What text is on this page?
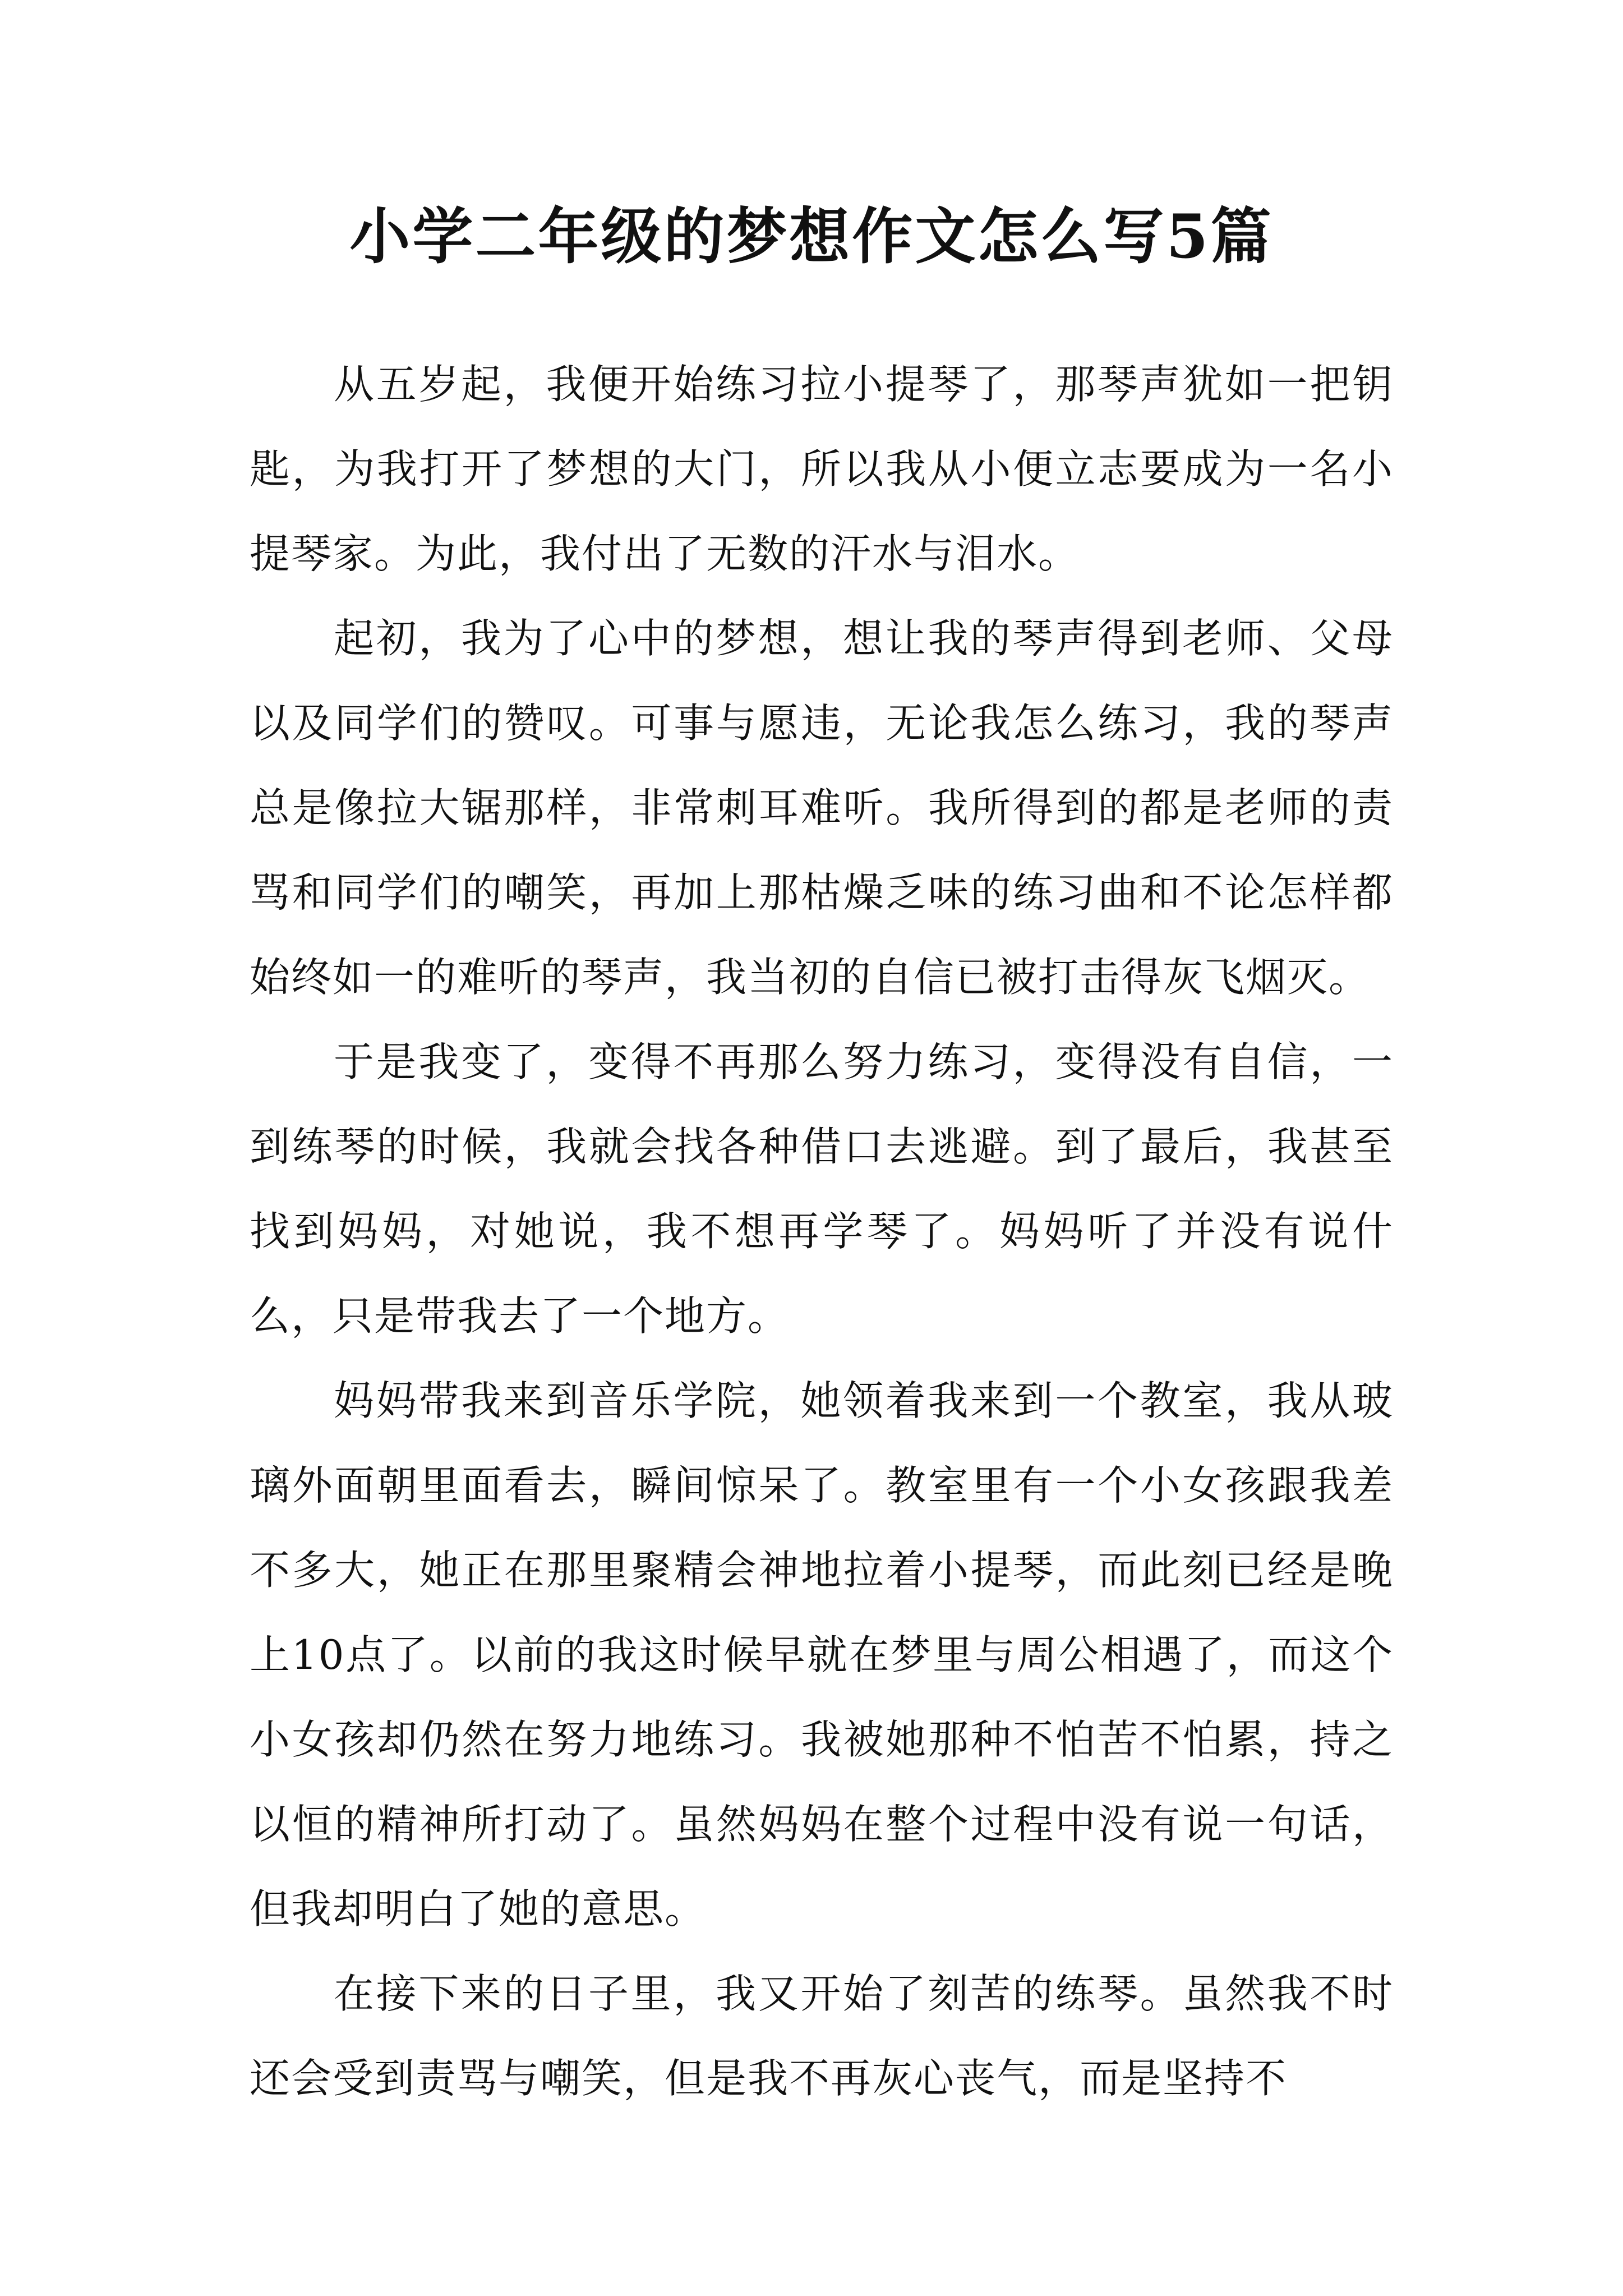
小学二年级的梦想作文怎么写5篇

从五岁起，我便开始练习拉小提琴了，那琴声犹如一把钥匙，为我打开了梦想的大门，所以我从小便立志要成为一名小提琴家。为此，我付出了无数的汗水与泪水。

起初，我为了心中的梦想，想让我的琴声得到老师、父母以及同学们的赞叹。可事与愿违，无论我怎么练习，我的琴声总是像拉大锯那样，非常刺耳难听。我所得到的都是老师的责骂和同学们的嘲笑，再加上那枯燥乏味的练习曲和不论怎样都始终如一的难听的琴声，我当初的自信已被打击得灰飞烟灭。

于是我变了，变得不再那么努力练习，变得没有自信，一到练琴的时候，我就会找各种借口去逃避。到了最后，我甚至找到妈妈，对她说，我不想再学琴了。妈妈听了并没有说什么，只是带我去了一个地方。

妈妈带我来到音乐学院，她领着我来到一个教室，我从玻璃外面朝里面看去，瞬间惊呆了。教室里有一个小女孩跟我差不多大，她正在那里聚精会神地拉着小提琴，而此刻已经是晚上10点了。以前的我这时候早就在梦里与周公相遇了，而这个小女孩却仍然在努力地练习。我被她那种不怕苦不怕累，持之以恒的精神所打动了。虽然妈妈在整个过程中没有说一句话，但我却明白了她的意思。

在接下来的日子里，我又开始了刻苦的练琴。虽然我不时还会受到责骂与嘲笑，但是我不再灰心丧气，而是坚持不
